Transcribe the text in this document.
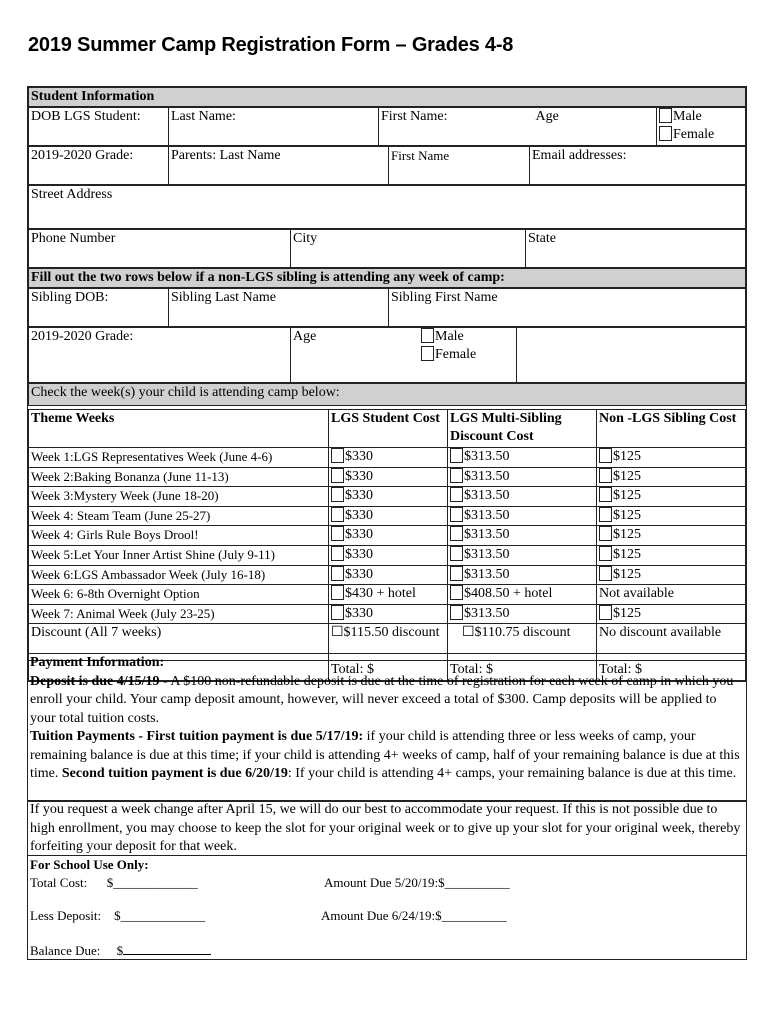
2019 Summer Camp Registration Form – Grades 4-8
Student Information
DOB LGS Student:	Last Name:	First Name:	Age	Male
Female
2019-2020 Grade:	Parents: Last Name	First Name	Email addresses:
Street Address
Phone Number	City	State
Fill out the two rows below if a non-LGS sibling is attending any week of camp:
Sibling DOB:	Sibling Last Name	Sibling First Name
2019-2020 Grade:	Age	Male
Female

Check the week(s) your child is attending camp below:
Theme Weeks	LGS Student Cost	LGS Multi-Sibling Discount Cost	Non -LGS Sibling Cost
Week 1:LGS Representatives Week (June 4-6)	$330	$313.50	$125
Week 2:Baking Bonanza (June 11-13)	$330	$313.50	$125
Week 3:Mystery Week (June 18-20)	$330	$313.50	$125
Week 4: Steam Team (June 25-27)	$330	$313.50	$125
Week 4: Girls Rule Boys Drool!	$330	$313.50	$125
Week 5:Let Your Inner Artist Shine (July 9-11)	$330	$313.50	$125
Week 6:LGS Ambassador Week (July 16-18)	$330	$313.50	$125
Week 6: 6-8th Overnight Option	$430 + hotel	$408.50 + hotel	Not available
Week 7: Animal Week (July 23-25)	$330	$313.50	$125
Discount (All 7 weeks)	☐$115.50 discount	☐$110.75 discount	No discount available
	Total: $	Total: $	Total: $
Payment Information:
Deposit is due 4/15/19 - A $100 non-refundable deposit is due at the time of registration for each week of camp in which you enroll your child. Your camp deposit amount, however, will never exceed a total of $300. Camp deposits will be applied to your total tuition costs.
Tuition Payments - First tuition payment is due 5/17/19: if your child is attending three or less weeks of camp, your remaining balance is due at this time; if your child is attending 4+ weeks of camp, half of your remaining balance is due at this time. Second tuition payment is due 6/20/19: If your child is attending 4+ camps, your remaining balance is due at this time.
If you request a week change after April 15, we will do our best to accommodate your request. If this is not possible due to high enrollment, you may choose to keep the slot for your original week or to give up your slot for your original week, thereby forfeiting your deposit for that week.
For School Use Only:
Total Cost:      $_____________	Amount Due 5/20/19:$__________
Less Deposit:    $_____________	Amount Due 6/24/19:$__________
Balance Due:     $
